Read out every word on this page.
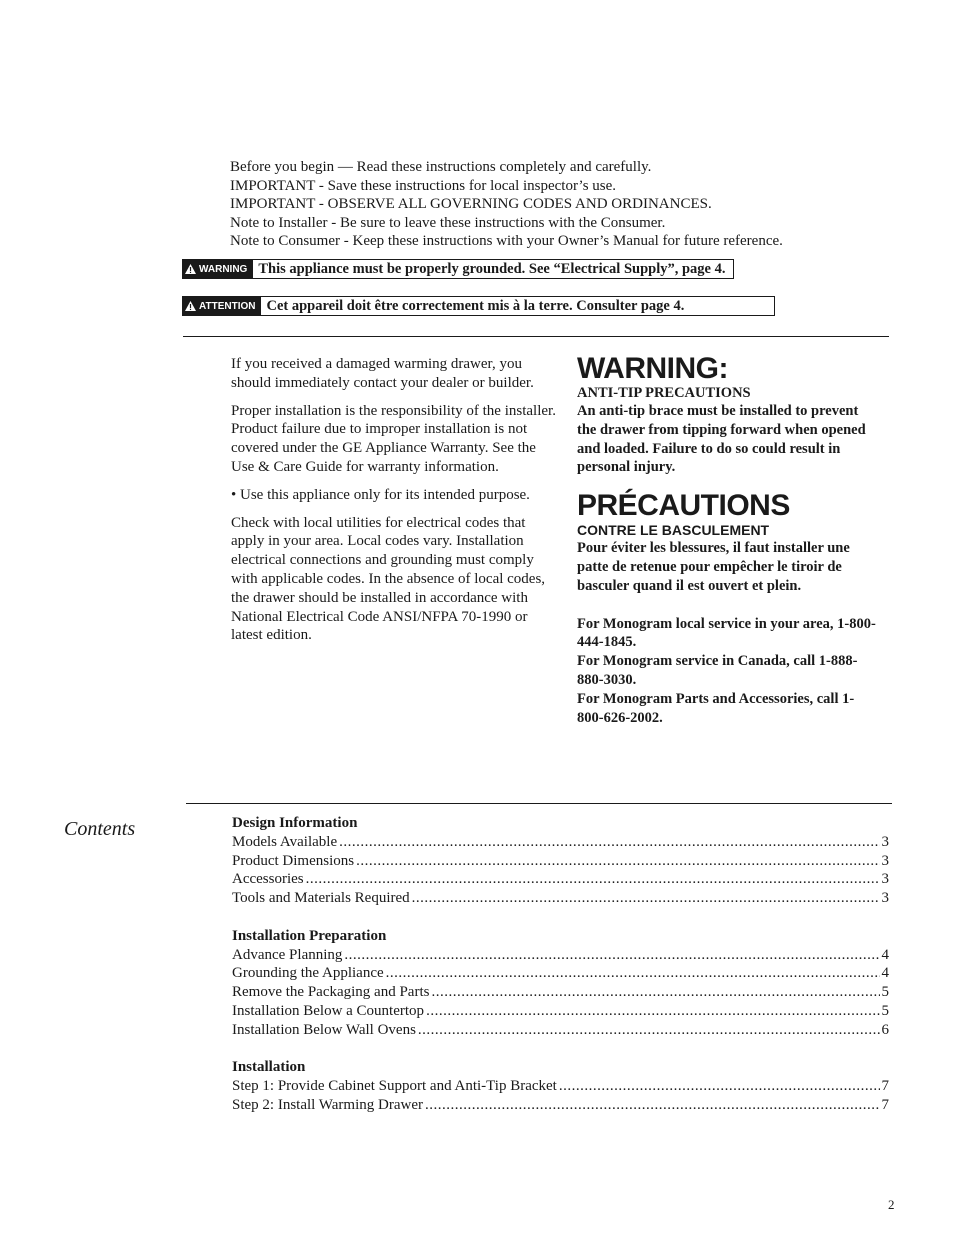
Before you begin — Read these instructions completely and carefully.
IMPORTANT - Save these instructions for local inspector’s use.
IMPORTANT - OBSERVE ALL GOVERNING CODES AND ORDINANCES.
Note to Installer - Be sure to leave these instructions with the Consumer.
Note to Consumer - Keep these instructions with your Owner’s Manual for future reference.
WARNING This appliance must be properly grounded. See “Electrical Supply”, page 4.
ATTENTION Cet appareil doit être correctement mis à la terre. Consulter page 4.

If you received a damaged warming drawer, you should immediately contact your dealer or builder.

Proper installation is the responsibility of the installer. Product failure due to improper installation is not covered under the GE Appliance Warranty. See the Use & Care Guide for warranty information.

• Use this appliance only for its intended purpose.

Check with local utilities for electrical codes that apply in your area. Local codes vary. Installation electrical connections and grounding must comply with applicable codes. In the absence of local codes, the drawer should be installed in accordance with National Electrical Code ANSI/NFPA 70-1990 or latest edition.

WARNING:
ANTI-TIP PRECAUTIONS
An anti-tip brace must be installed to prevent the drawer from tipping forward when opened and loaded. Failure to do so could result in personal injury.
PRÉCAUTIONS
CONTRE LE BASCULEMENT
Pour éviter les blessures, il faut installer une patte de retenue pour empêcher le tiroir de basculer quand il est ouvert et plein.
For Monogram local service in your area, 1-800-444-1845.
For Monogram service in Canada, call 1-888-880-3030.
For Monogram Parts and Accessories, call 1-800-626-2002.
Contents	Design Information
Models Available .....	3
Product Dimensions .....	3
Accessories .....	3
Tools and Materials Required .....	3
Installation Preparation
Advance Planning .....	4
Grounding the Appliance .....	4
Remove the Packaging and Parts .....	5
Installation Below a Countertop .....	5
Installation Below Wall Ovens .....	6
Installation
Step 1: Provide Cabinet Support and Anti-Tip Bracket .....	7
Step 2: Install Warming Drawer .....	7
2
